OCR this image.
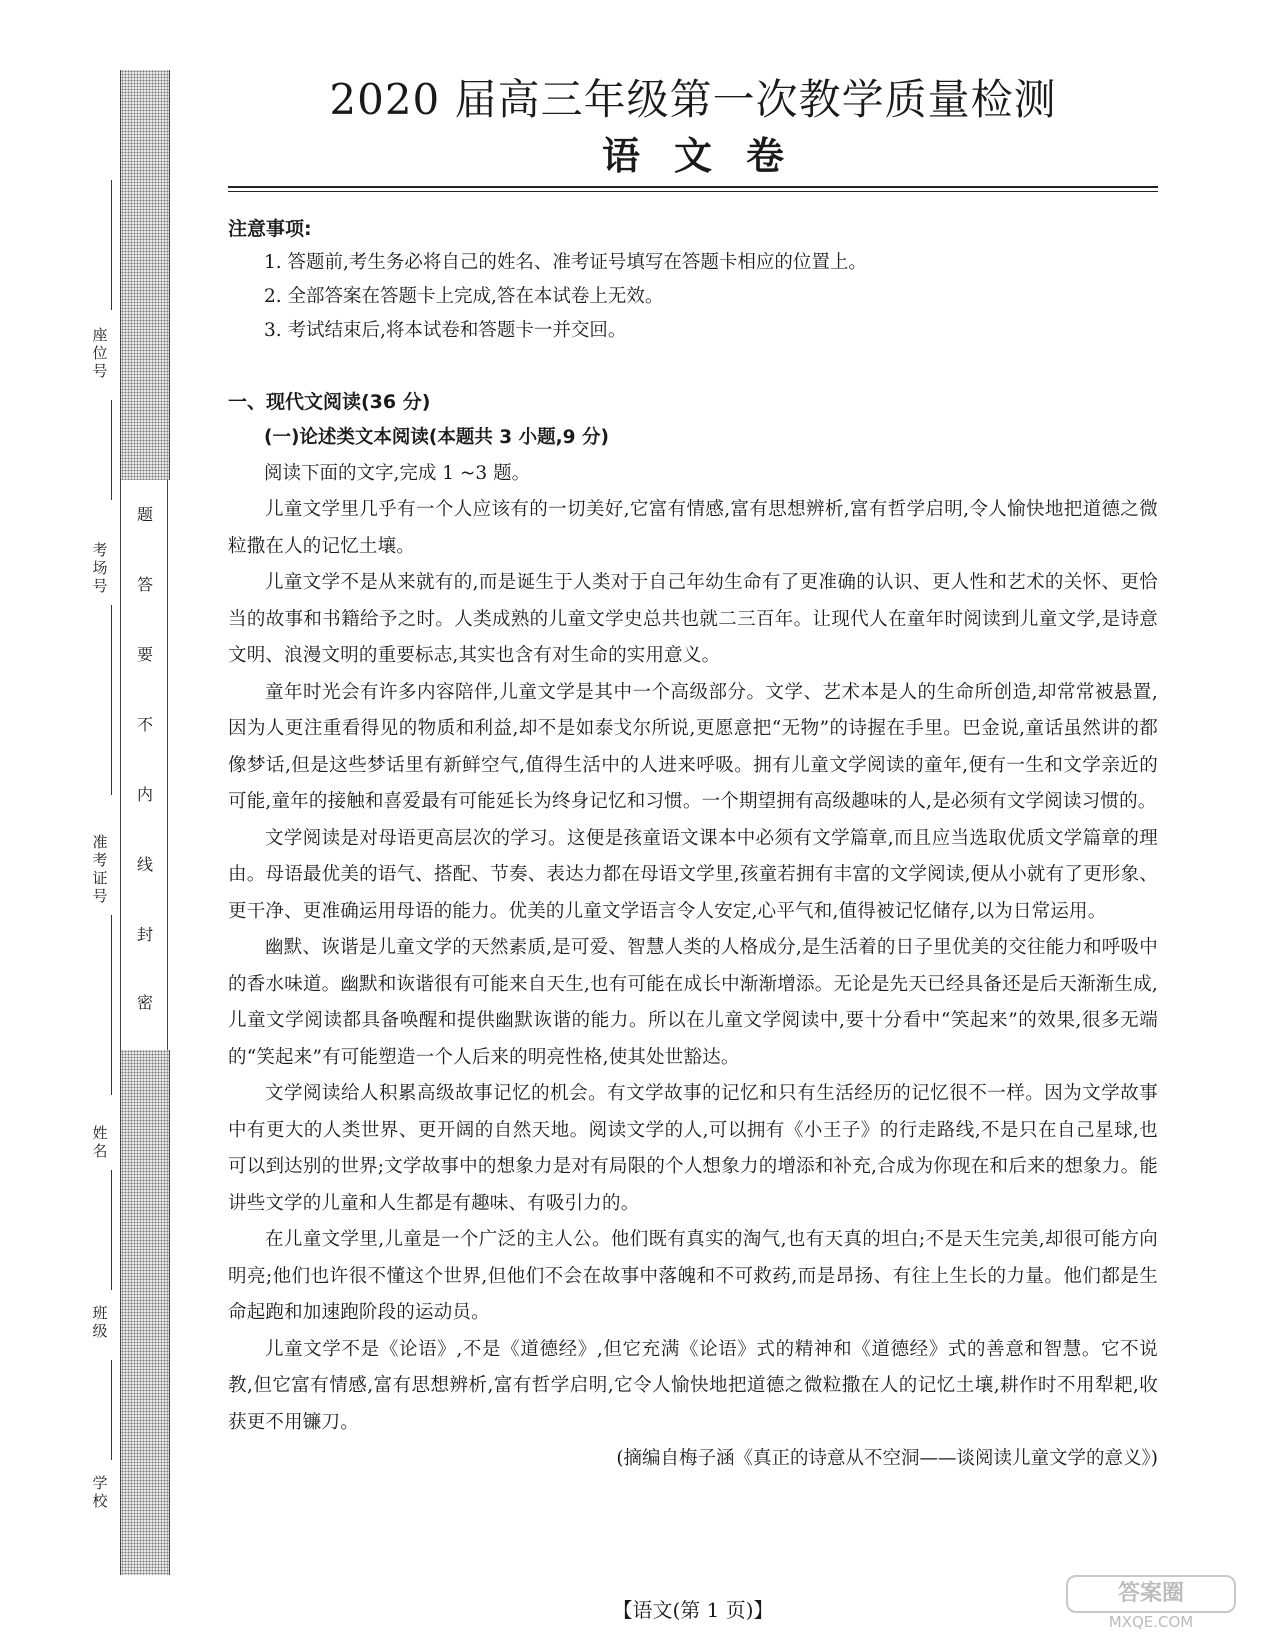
座位号
考场号
准考证号
姓名
班级
学校
密
封
线
内
不
要
答
题
2020 届高三年级第一次教学质量检测
语文卷
注意事项:
1. 答题前,考生务必将自己的姓名、准考证号填写在答题卡相应的位置上。
2. 全部答案在答题卡上完成,答在本试卷上无效。
3. 考试结束后,将本试卷和答题卡一并交回。
一、现代文阅读(36 分)
(一)论述类文本阅读(本题共 3 小题,9 分)
阅读下面的文字,完成 1 ~3 题。
儿童文学里几乎有一个人应该有的一切美好,它富有情感,富有思想辨析,富有哲学启明,令人愉快地把道德之微粒撒在人的记忆土壤。
儿童文学不是从来就有的,而是诞生于人类对于自己年幼生命有了更准确的认识、更人性和艺术的关怀、更恰当的故事和书籍给予之时。人类成熟的儿童文学史总共也就二三百年。让现代人在童年时阅读到儿童文学,是诗意文明、浪漫文明的重要标志,其实也含有对生命的实用意义。
童年时光会有许多内容陪伴,儿童文学是其中一个高级部分。文学、艺术本是人的生命所创造,却常常被悬置,因为人更注重看得见的物质和利益,却不是如泰戈尔所说,更愿意把“无物”的诗握在手里。巴金说,童话虽然讲的都像梦话,但是这些梦话里有新鲜空气,值得生活中的人进来呼吸。拥有儿童文学阅读的童年,便有一生和文学亲近的可能,童年的接触和喜爱最有可能延长为终身记忆和习惯。一个期望拥有高级趣味的人,是必须有文学阅读习惯的。
文学阅读是对母语更高层次的学习。这便是孩童语文课本中必须有文学篇章,而且应当选取优质文学篇章的理由。母语最优美的语气、搭配、节奏、表达力都在母语文学里,孩童若拥有丰富的文学阅读,便从小就有了更形象、更干净、更准确运用母语的能力。优美的儿童文学语言令人安定,心平气和,值得被记忆储存,以为日常运用。
幽默、诙谐是儿童文学的天然素质,是可爱、智慧人类的人格成分,是生活着的日子里优美的交往能力和呼吸中的香水味道。幽默和诙谐很有可能来自天生,也有可能在成长中渐渐增添。无论是先天已经具备还是后天渐渐生成,儿童文学阅读都具备唤醒和提供幽默诙谐的能力。所以在儿童文学阅读中,要十分看中“笑起来”的效果,很多无端的“笑起来”有可能塑造一个人后来的明亮性格,使其处世豁达。
文学阅读给人积累高级故事记忆的机会。有文学故事的记忆和只有生活经历的记忆很不一样。因为文学故事中有更大的人类世界、更开阔的自然天地。阅读文学的人,可以拥有《小王子》的行走路线,不是只在自己星球,也可以到达别的世界;文学故事中的想象力是对有局限的个人想象力的增添和补充,合成为你现在和后来的想象力。能讲些文学的儿童和人生都是有趣味、有吸引力的。
在儿童文学里,儿童是一个广泛的主人公。他们既有真实的淘气,也有天真的坦白;不是天生完美,却很可能方向明亮;他们也许很不懂这个世界,但他们不会在故事中落魄和不可救药,而是昂扬、有往上生长的力量。他们都是生命起跑和加速跑阶段的运动员。
儿童文学不是《论语》,不是《道德经》,但它充满《论语》式的精神和《道德经》式的善意和智慧。它不说教,但它富有情感,富有思想辨析,富有哲学启明,它令人愉快地把道德之微粒撒在人的记忆土壤,耕作时不用犁耙,收获更不用镰刀。
(摘编自梅子涵《真正的诗意从不空洞——谈阅读儿童文学的意义》)
【语文(第 1 页)】
答案圈
MXQE.COM
